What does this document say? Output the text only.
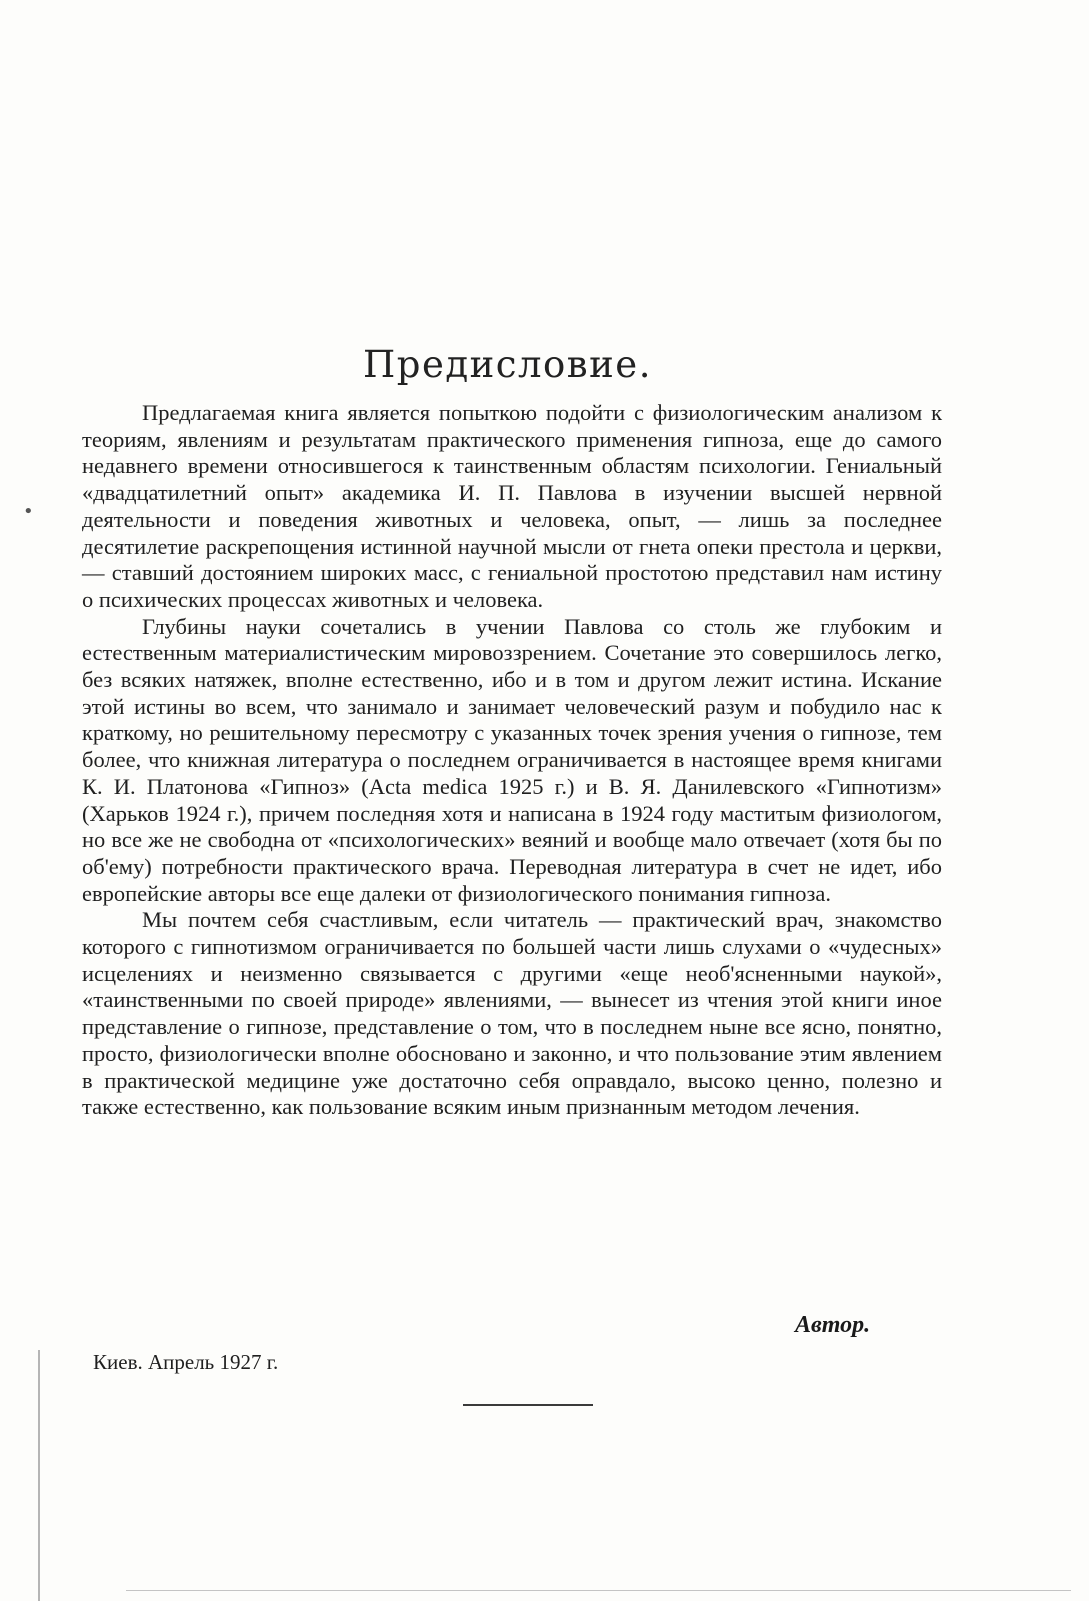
•
Предисловие.

Предлагаемая книга является попыткою подойти с физиологическим анализом к теориям, явлениям и результатам практического применения гипноза, еще до самого недавнего времени относившегося к таинственным областям психологии. Гениальный «двадцатилетний опыт» академика И. П. Павлова в изучении высшей нервной деятельности и поведения животных и человека, опыт, — лишь за последнее десятилетие раскрепощения истинной научной мысли от гнета опеки престола и церкви, — ставший достоянием широких масс, с гениальной простотою представил нам истину о психических процессах животных и человека.

Глубины науки сочетались в учении Павлова со столь же глубоким и естественным материалистическим мировоззрением. Сочетание это совершилось легко, без всяких натяжек, вполне естественно, ибо и в том и другом лежит истина. Искание этой истины во всем, что занимало и занимает человеческий разум и побудило нас к краткому, но решительному пересмотру с указанных точек зрения учения о гипнозе, тем более, что книжная литература о последнем ограничивается в настоящее время книгами К. И. Платонова «Гипноз» (Acta medica 1925 г.) и В. Я. Данилевского «Гипнотизм» (Харьков 1924 г.), причем последняя хотя и написана в 1924 году маститым физиологом, но все же не свободна от «психологических» веяний и вообще мало отвечает (хотя бы по об'ему) потребности практического врача. Переводная литература в счет не идет, ибо европейские авторы все еще далеки от физиологического понимания гипноза.

Мы почтем себя счастливым, если читатель — практический врач, знакомство которого с гипнотизмом ограничивается по большей части лишь слухами о «чудесных» исцелениях и неизменно связывается с другими «еще необ'ясненными наукой», «таинственными по своей природе» явлениями, — вынесет из чтения этой книги иное представление о гипнозе, представление о том, что в последнем ныне все ясно, понятно, просто, физиологически вполне обосновано и законно, и что пользование этим явлением в практической медицине уже достаточно себя оправдало, высоко ценно, полезно и также естественно, как пользование всяким иным признанным методом лечения.

Автор.
Киев. Апрель 1927 г.
